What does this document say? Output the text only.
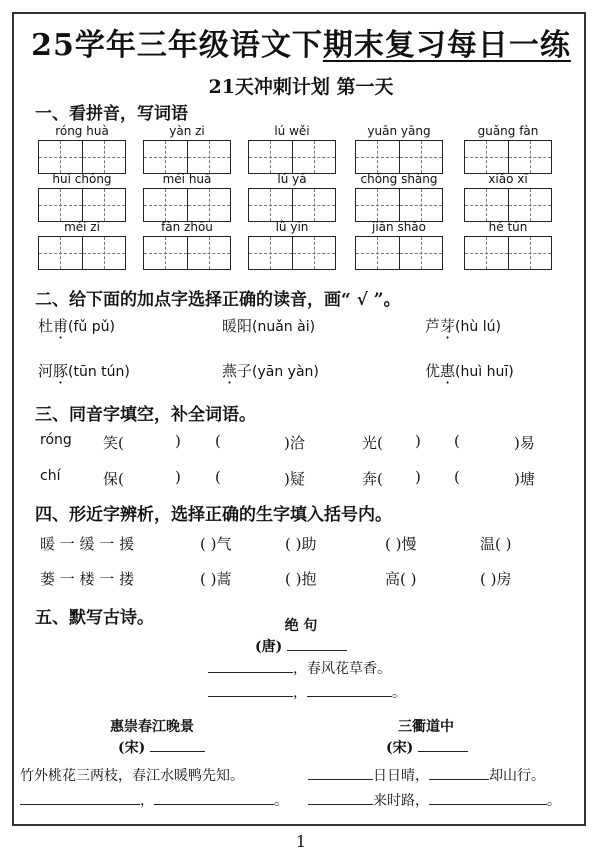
25学年三年级语文下期末复习每日一练
21天冲刺计划 第一天
一、看拼音，写词语
róng huà	yàn zi	lú wěi	yuān yāng	guǎng fàn
huì chóng	méi huā	lú yá	chóng shàng	xiǎo xī
méi zi	fàn zhōu	lǜ yīn	jiān shǎo	hé tún
二、给下面的加点字选择正确的读音，画“ √ ”。
杜甫(fǔ pǔ)	暖阳(nuǎn ài)	芦芽(hù lú)
河豚(tūn tún)	燕子(yān yàn)	优惠(huì huī)
三、同音字填空，补全词语。
róng 笑(	) (	)洽	光( ) (	)易
chí	保(	) (	)疑	奔( ) (	)塘
四、形近字辨析，选择正确的生字填入括号内。
暖 一 缓 一 援	( )气	( )助	( )慢	温( )
蒌 一 楼 一 搂	( )蒿	( )抱	高( )	( )房
五、默写古诗。	绝 句
(唐)
，春风花草香。
，	。
惠崇春江晚景
(宋)
三衢道中
(宋)
竹外桃花三两枝，春江水暖鸭先知。	日日晴，	却山行。
，	。	来时路，	。
1
